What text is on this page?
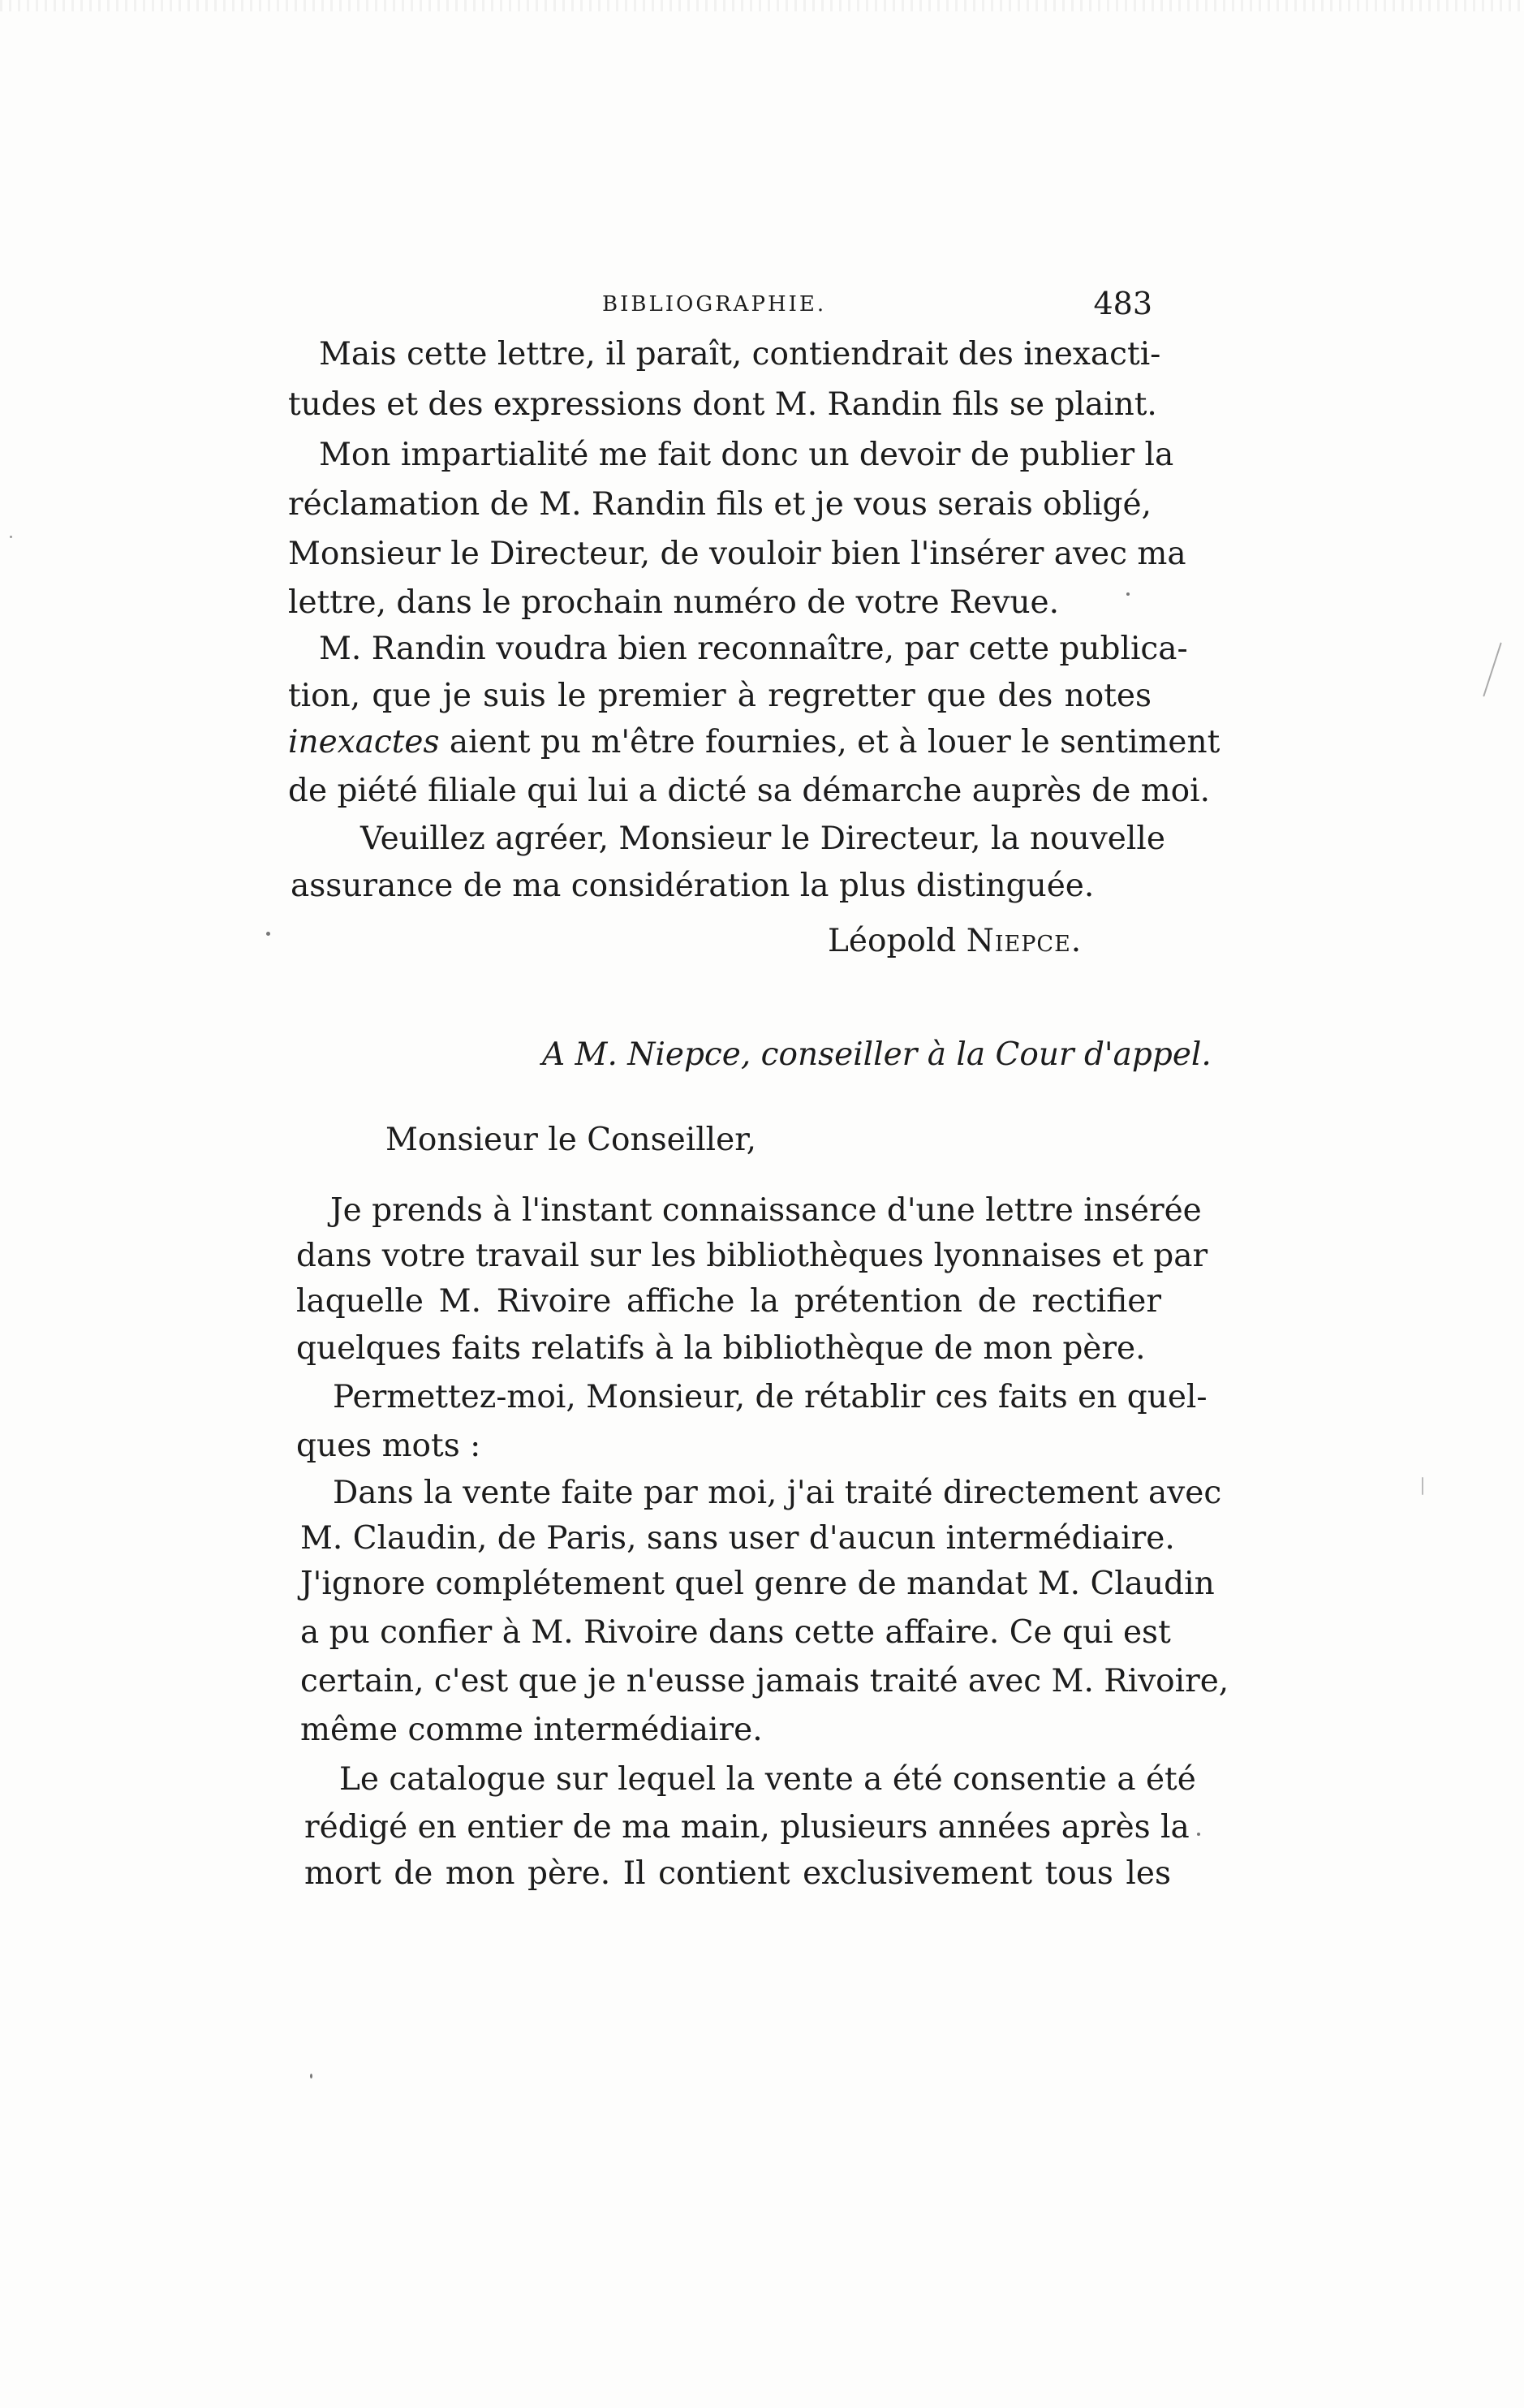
BIBLIOGRAPHIE.	483
Mais cette lettre, il paraît, contiendrait des inexacti-
tudes et des expressions dont M. Randin fils se plaint.
Mon impartialité me fait donc un devoir de publier la
réclamation de M. Randin fils et je vous serais obligé,
Monsieur le Directeur, de vouloir bien l'insérer avec ma
lettre, dans le prochain numéro de votre Revue.
M. Randin voudra bien reconnaître, par cette publica-
tion, que je suis le premier à regretter que des notes
inexactes aient pu m'être fournies, et à louer le sentiment
de piété filiale qui lui a dicté sa démarche auprès de moi.
Veuillez agréer, Monsieur le Directeur, la nouvelle
assurance de ma considération la plus distinguée.
Léopold Niepce.
A M. Niepce, conseiller à la Cour d'appel.
Monsieur le Conseiller,
Je prends à l'instant connaissance d'une lettre insérée
dans votre travail sur les bibliothèques lyonnaises et par
laquelle M. Rivoire affiche la prétention de rectifier
quelques faits relatifs à la bibliothèque de mon père.
Permettez-moi, Monsieur, de rétablir ces faits en quel-
ques mots :
Dans la vente faite par moi, j'ai traité directement avec
M. Claudin, de Paris, sans user d'aucun intermédiaire.
J'ignore complétement quel genre de mandat M. Claudin
a pu confier à M. Rivoire dans cette affaire. Ce qui est
certain, c'est que je n'eusse jamais traité avec M. Rivoire,
même comme intermédiaire.
Le catalogue sur lequel la vente a été consentie a été
rédigé en entier de ma main, plusieurs années après la
mort de mon père. Il contient exclusivement tous les
